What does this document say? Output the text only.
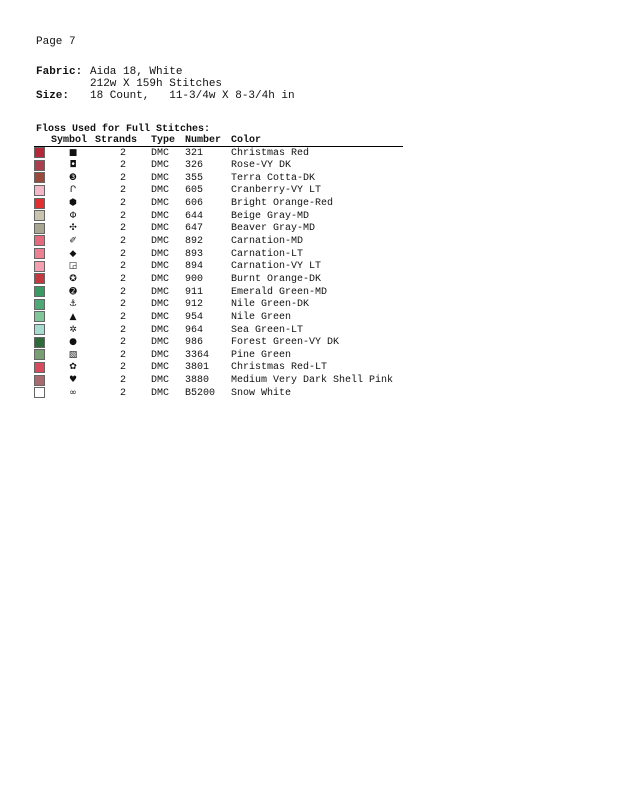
Page 7
Fabric: Aida 18, White
212w X 159h Stitches
Size: 18 Count,   11-3/4w X 8-3/4h in
Floss Used for Full Stitches:
	Symbol	Strands	Type	Number	Color
	■	2	DMC	321	Christmas Red
	◘	2	DMC	326	Rose-VY DK
	❸	2	DMC	355	Terra Cotta-DK
	Ր	2	DMC	605	Cranberry-VY LT
	⬢	2	DMC	606	Bright Orange-Red
	Φ	2	DMC	644	Beige Gray-MD
	✣	2	DMC	647	Beaver Gray-MD
	✐	2	DMC	892	Carnation-MD
	◆	2	DMC	893	Carnation-LT
	◲	2	DMC	894	Carnation-VY LT
	✪	2	DMC	900	Burnt Orange-DK
	➋	2	DMC	911	Emerald Green-MD
	⚓	2	DMC	912	Nile Green-DK
	▲	2	DMC	954	Nile Green
	✲	2	DMC	964	Sea Green-LT
	●	2	DMC	986	Forest Green-VY DK
	▧	2	DMC	3364	Pine Green
	✿	2	DMC	3801	Christmas Red-LT
	♥	2	DMC	3880	Medium Very Dark Shell Pink
	∞	2	DMC	B5200	Snow White
